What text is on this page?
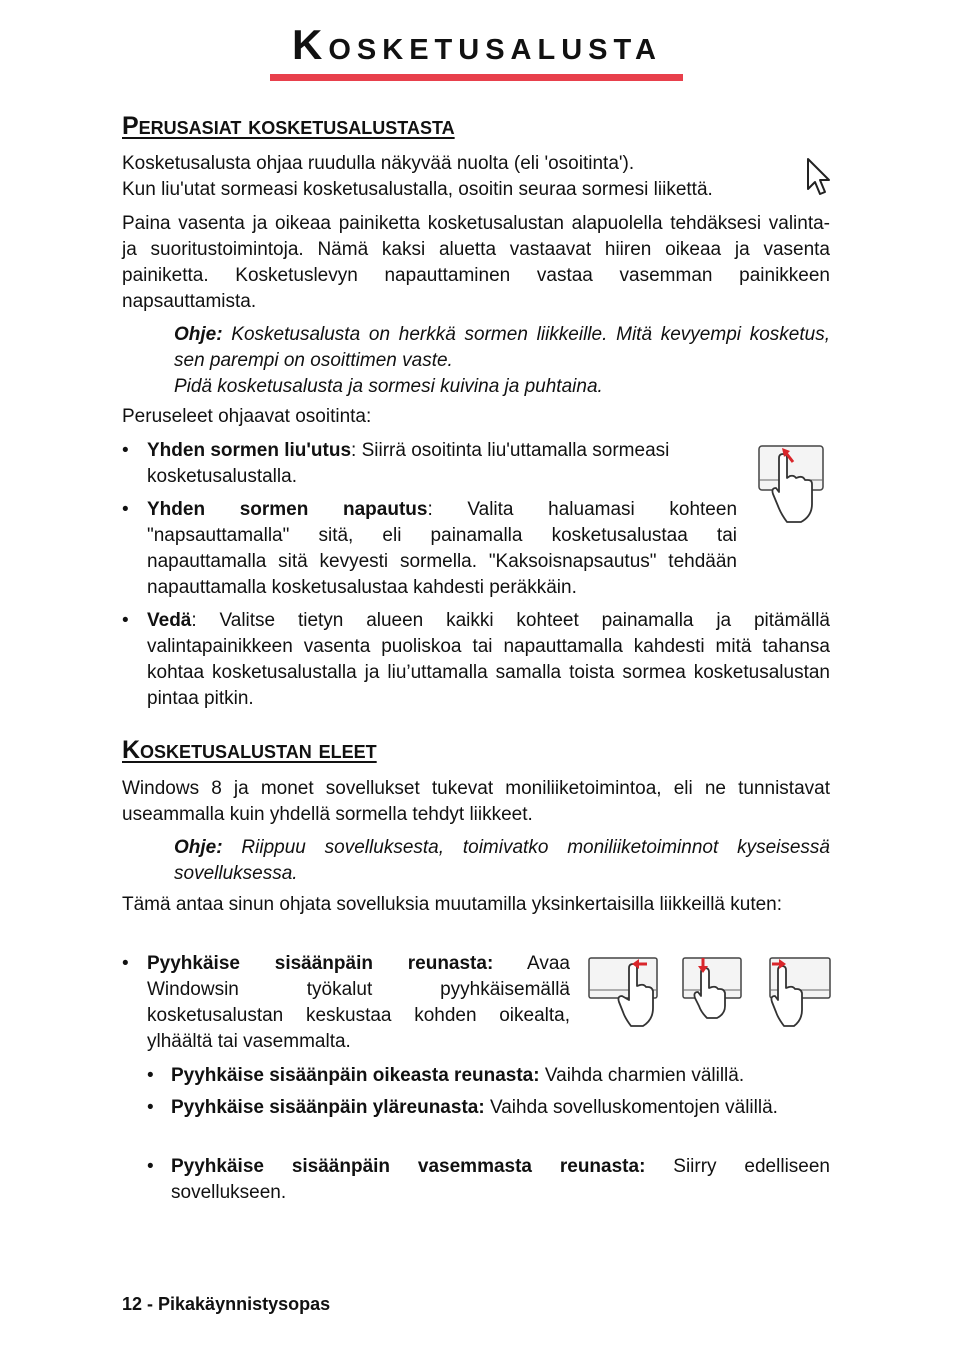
Kosketusalusta
Perusasiat kosketusalustasta
Kosketusalusta ohjaa ruudulla näkyvää nuolta (eli 'osoitinta').
Kun liu'utat sormeasi kosketusalustalla, osoitin seuraa sormesi liikettä.
Paina vasenta ja oikeaa painiketta kosketusalustan alapuolella tehdäksesi valinta- ja suoritustoimintoja. Nämä kaksi aluetta vastaavat hiiren oikeaa ja vasenta painiketta. Kosketuslevyn napauttaminen vastaa vasemman painikkeen napsauttamista.
Ohje: Kosketusalusta on herkkä sormen liikkeille. Mitä kevyempi kosketus, sen parempi on osoittimen vaste.
Pidä kosketusalusta ja sormesi kuivina ja puhtaina.
Peruseleet ohjaavat osoitinta:
• Yhden sormen liu'utus: Siirrä osoitinta liu'uttamalla sormeasi kosketusalustalla.
• Yhden sormen napautus: Valita haluamasi kohteen "napsauttamalla" sitä, eli painamalla kosketusalustaa tai napauttamalla sitä kevyesti sormella. "Kaksoisnapsautus" tehdään napauttamalla kosketusalustaa kahdesti peräkkäin.
• Vedä: Valitse tietyn alueen kaikki kohteet painamalla ja pitämällä valintapainikkeen vasenta puoliskoa tai napauttamalla kahdesti mitä tahansa kohtaa kosketusalustalla ja liu’uttamalla samalla toista sormea kosketusalustan pintaa pitkin.
Kosketusalustan eleet
Windows 8 ja monet sovellukset tukevat moniliiketoimintoa, eli ne tunnistavat useammalla kuin yhdellä sormella tehdyt liikkeet.
Ohje: Riippuu sovelluksesta, toimivatko moniliiketoiminnot kyseisessä sovelluksessa.
Tämä antaa sinun ohjata sovelluksia muutamilla yksinkertaisilla liikkeillä kuten:
• Pyyhkäise sisäänpäin reunasta: Avaa Windowsin työkalut pyyhkäisemällä kosketusalustan keskustaa kohden oikealta, ylhäältä tai vasemmalta.
• Pyyhkäise sisäänpäin oikeasta reunasta: Vaihda charmien välillä.
• Pyyhkäise sisäänpäin yläreunasta: Vaihda sovelluskomentojen välillä.
• Pyyhkäise sisäänpäin vasemmasta reunasta: Siirry edelliseen sovellukseen.
12 - Pikakäynnistysopas
